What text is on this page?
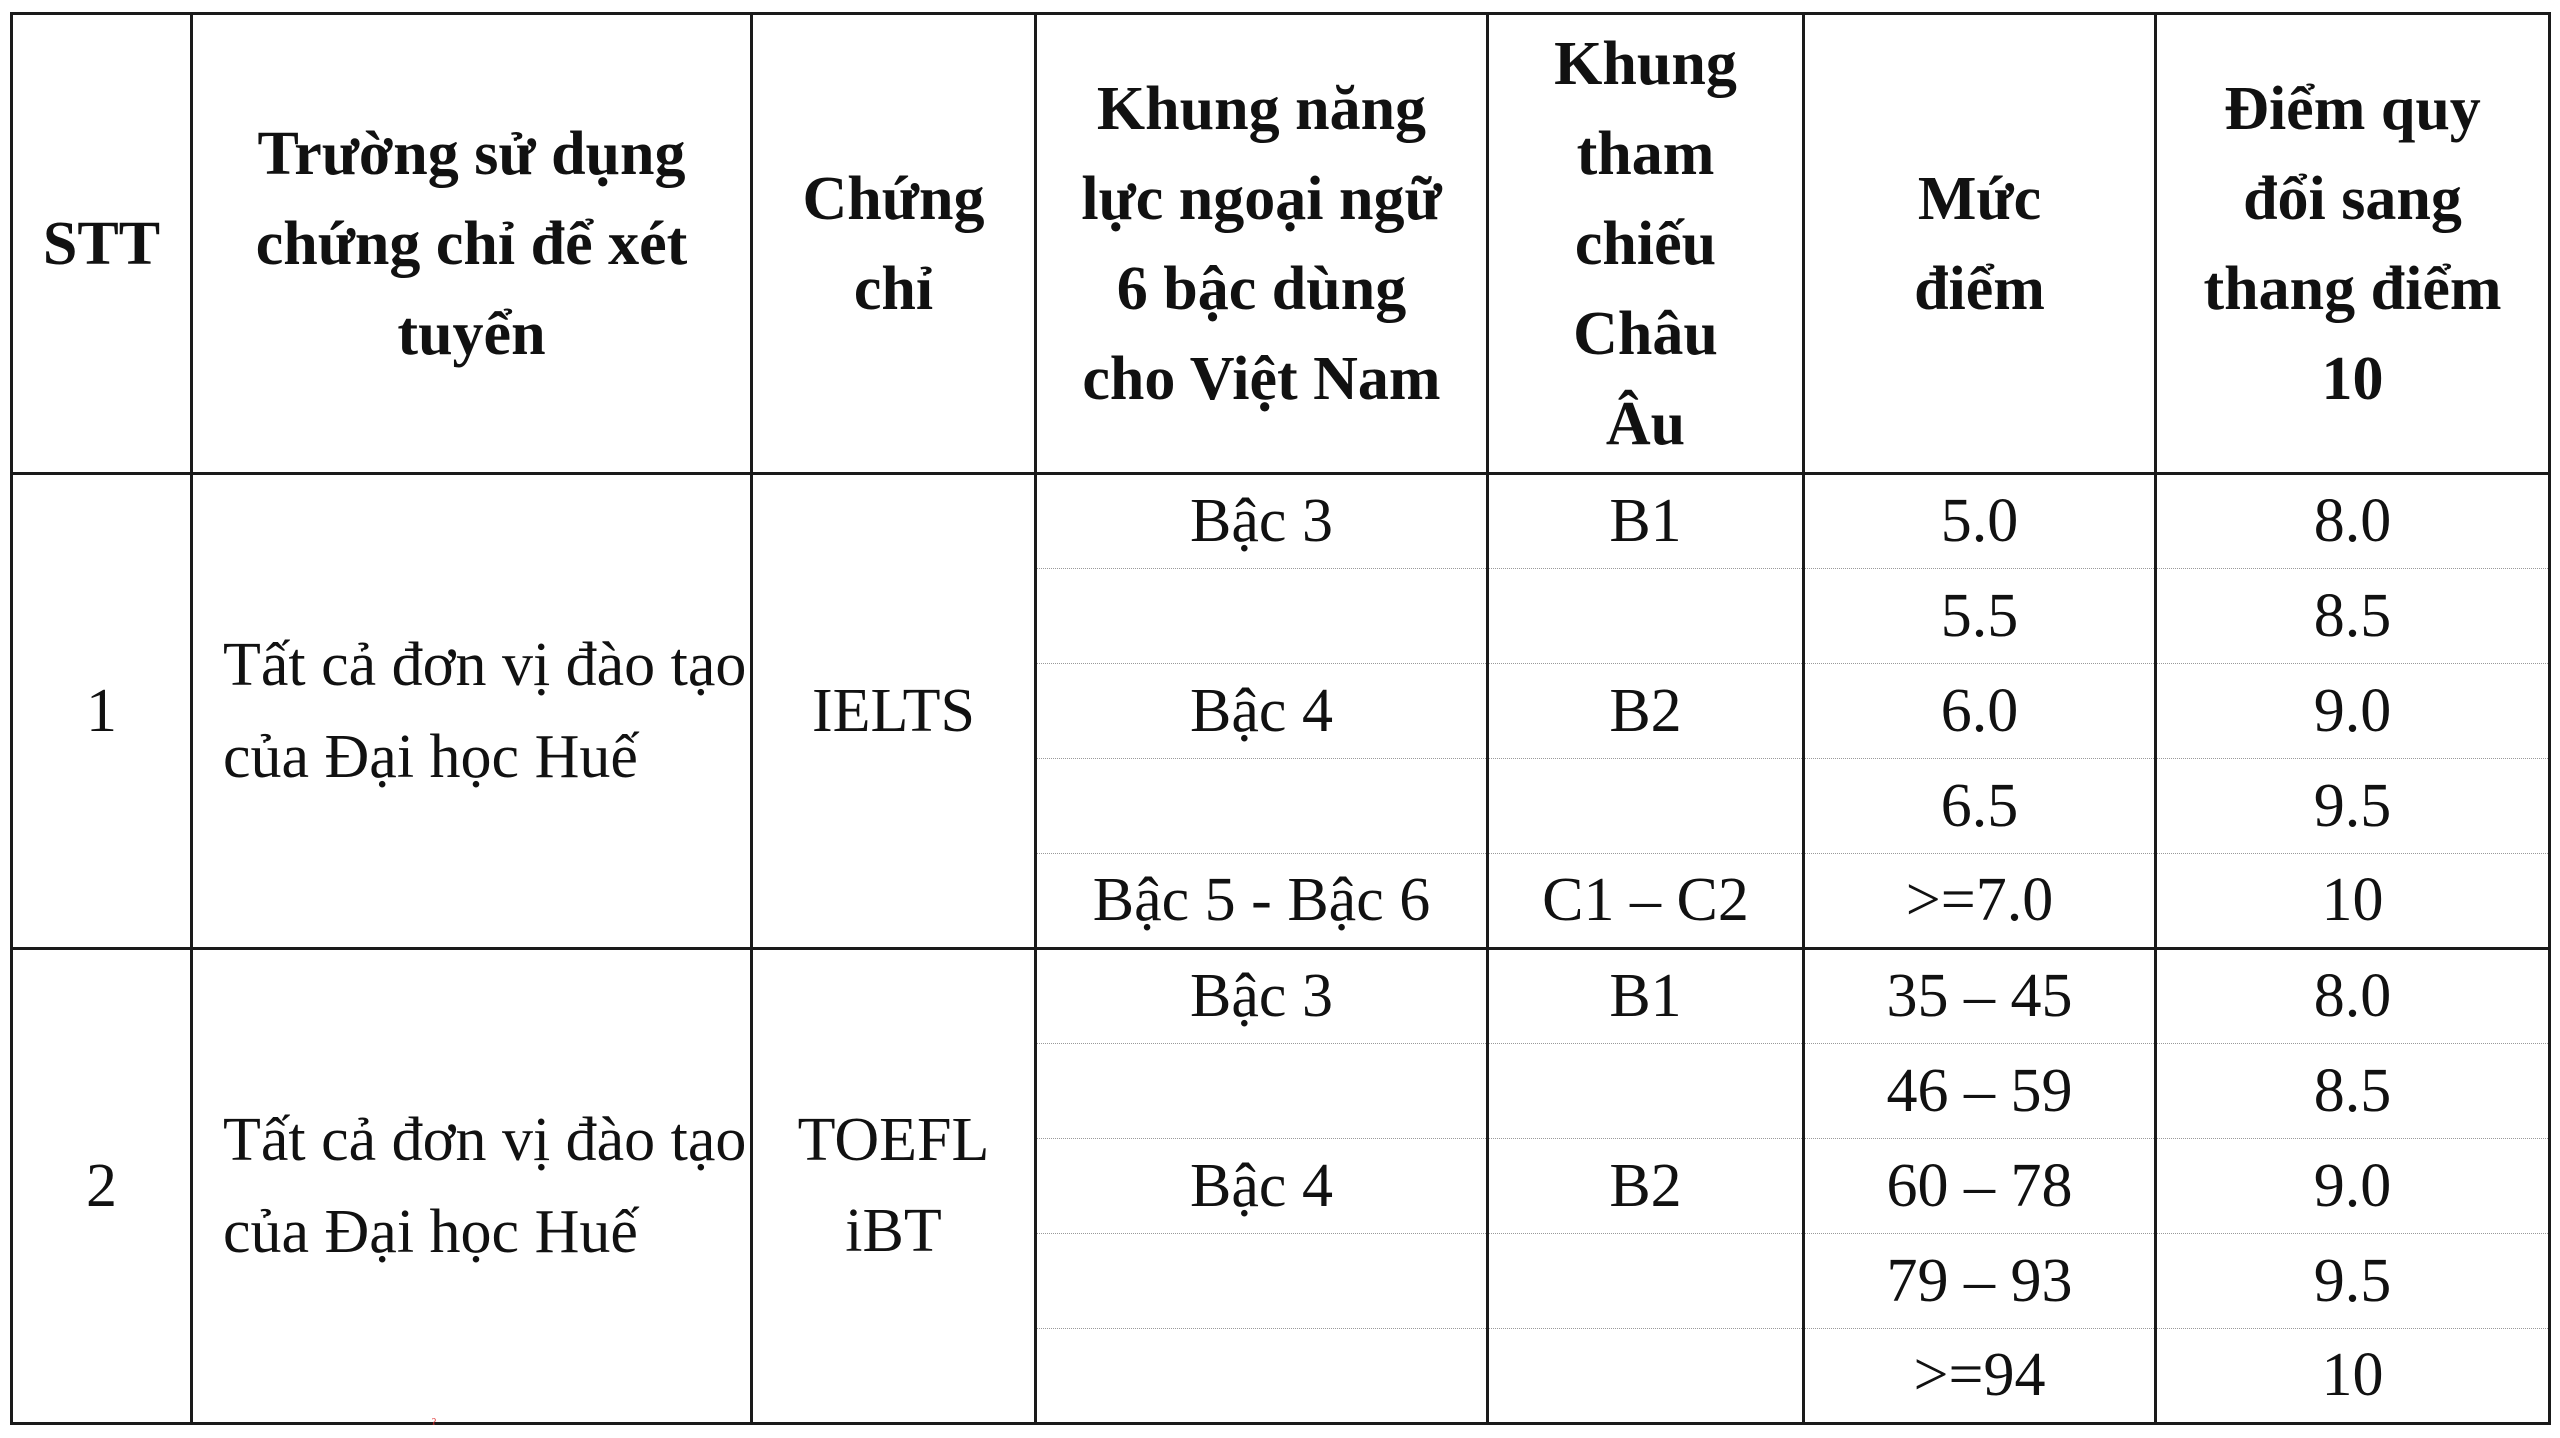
STT	Trường sử dụng chứng chỉ để xét tuyển	Chứng chỉ	Khung năng lực ngoại ngữ 6 bậc dùng cho Việt Nam	Khung tham chiếu Châu Âu	Mức điểm	Điểm quy đổi sang thang điểm 10
1	Tất cả đơn vị đào tạo của Đại học Huế	IELTS	Bậc 3	B1	5.0	8.0
					5.5	8.5
			Bậc 4	B2	6.0	9.0
					6.5	9.5
			Bậc 5 - Bậc 6	C1 – C2	>=7.0	10
2	Tất cả đơn vị đào tạo của Đại học Huế	TOEFL iBT	Bậc 3	B1	35 – 45	8.0
					46 – 59	8.5
			Bậc 4	B2	60 – 78	9.0
					79 – 93	9.5
					>=94	10
ˀ
